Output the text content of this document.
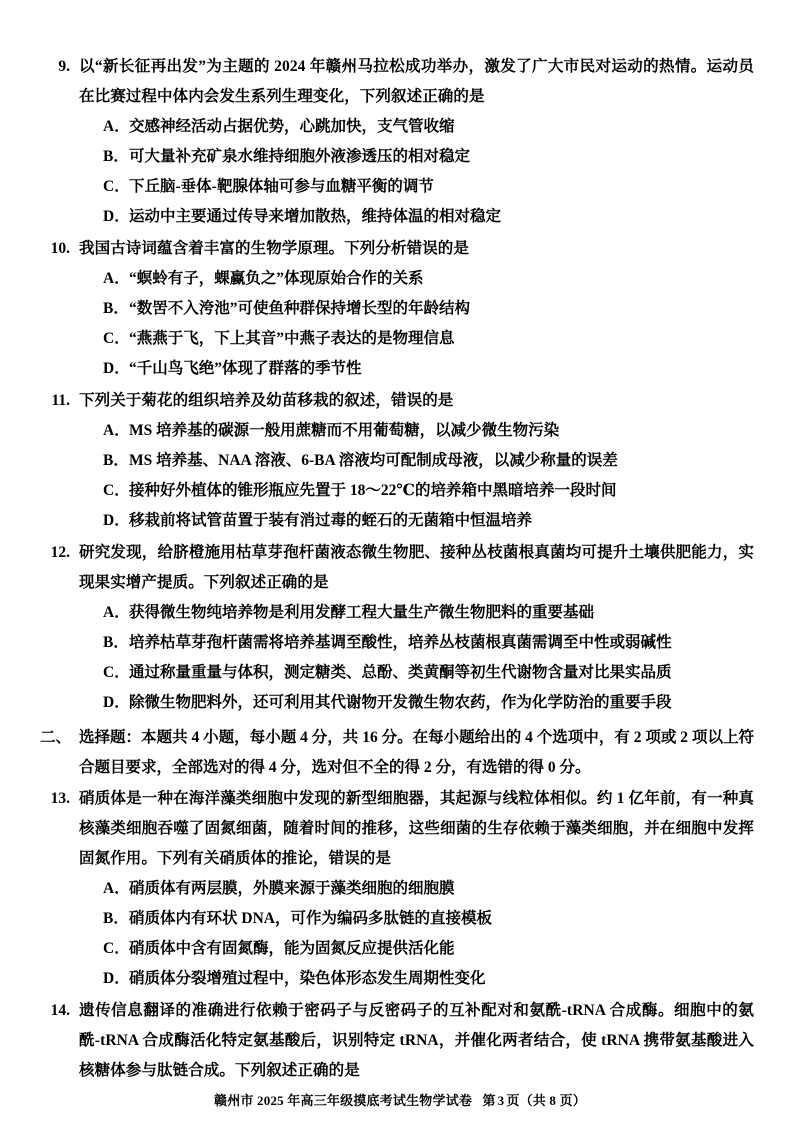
9. 以“新长征再出发”为主题的 2024 年赣州马拉松成功举办，激发了广大市民对运动的热情。运动员在比赛过程中体内会发生系列生理变化，下列叙述正确的是
A． 交感神经活动占据优势，心跳加快，支气管收缩
B． 可大量补充矿泉水维持细胞外液渗透压的相对稳定
C． 下丘脑-垂体-靶腺体轴可参与血糖平衡的调节
D． 运动中主要通过传导来增加散热，维持体温的相对稳定
10. 我国古诗词蕴含着丰富的生物学原理。下列分析错误的是
A． “螟蛉有子，蜾蠃负之”体现原始合作的关系
B． “数罟不入洿池”可使鱼种群保持增长型的年龄结构
C． “燕燕于飞，下上其音”中燕子表达的是物理信息
D． “千山鸟飞绝”体现了群落的季节性
11. 下列关于菊花的组织培养及幼苗移栽的叙述，错误的是
A． MS 培养基的碳源一般用蔗糖而不用葡萄糖，以减少微生物污染
B． MS 培养基、NAA 溶液、6-BA 溶液均可配制成母液，以减少称量的误差
C． 接种好外植体的锥形瓶应先置于 18～22℃的培养箱中黑暗培养一段时间
D． 移栽前将试管苗置于装有消过毒的蛭石的无菌箱中恒温培养
12. 研究发现，给脐橙施用枯草芽孢杆菌液态微生物肥、接种丛枝菌根真菌均可提升土壤供肥能力，实现果实增产提质。下列叙述正确的是
A． 获得微生物纯培养物是利用发酵工程大量生产微生物肥料的重要基础
B． 培养枯草芽孢杆菌需将培养基调至酸性，培养丛枝菌根真菌需调至中性或弱碱性
C． 通过称量重量与体积，测定糖类、总酚、类黄酮等初生代谢物含量对比果实品质
D． 除微生物肥料外，还可利用其代谢物开发微生物农药，作为化学防治的重要手段
二、 选择题：本题共 4 小题，每小题 4 分，共 16 分。在每小题给出的 4 个选项中，有 2 项或 2 项以上符合题目要求，全部选对的得 4 分，选对但不全的得 2 分，有选错的得 0 分。
13. 硝质体是一种在海洋藻类细胞中发现的新型细胞器，其起源与线粒体相似。约 1 亿年前，有一种真核藻类细胞吞噬了固氮细菌，随着时间的推移，这些细菌的生存依赖于藻类细胞，并在细胞中发挥固氮作用。下列有关硝质体的推论，错误的是
A． 硝质体有两层膜，外膜来源于藻类细胞的细胞膜
B． 硝质体内有环状 DNA，可作为编码多肽链的直接模板
C． 硝质体中含有固氮酶，能为固氮反应提供活化能
D． 硝质体分裂增殖过程中，染色体形态发生周期性变化
14. 遗传信息翻译的准确进行依赖于密码子与反密码子的互补配对和氨酰-tRNA 合成酶。细胞中的氨酰-tRNA 合成酶活化特定氨基酸后，识别特定 tRNA，并催化两者结合，使 tRNA 携带氨基酸进入核糖体参与肽链合成。下列叙述正确的是
赣州市 2025 年高三年级摸底考试生物学试卷 第 3 页（共 8 页）
